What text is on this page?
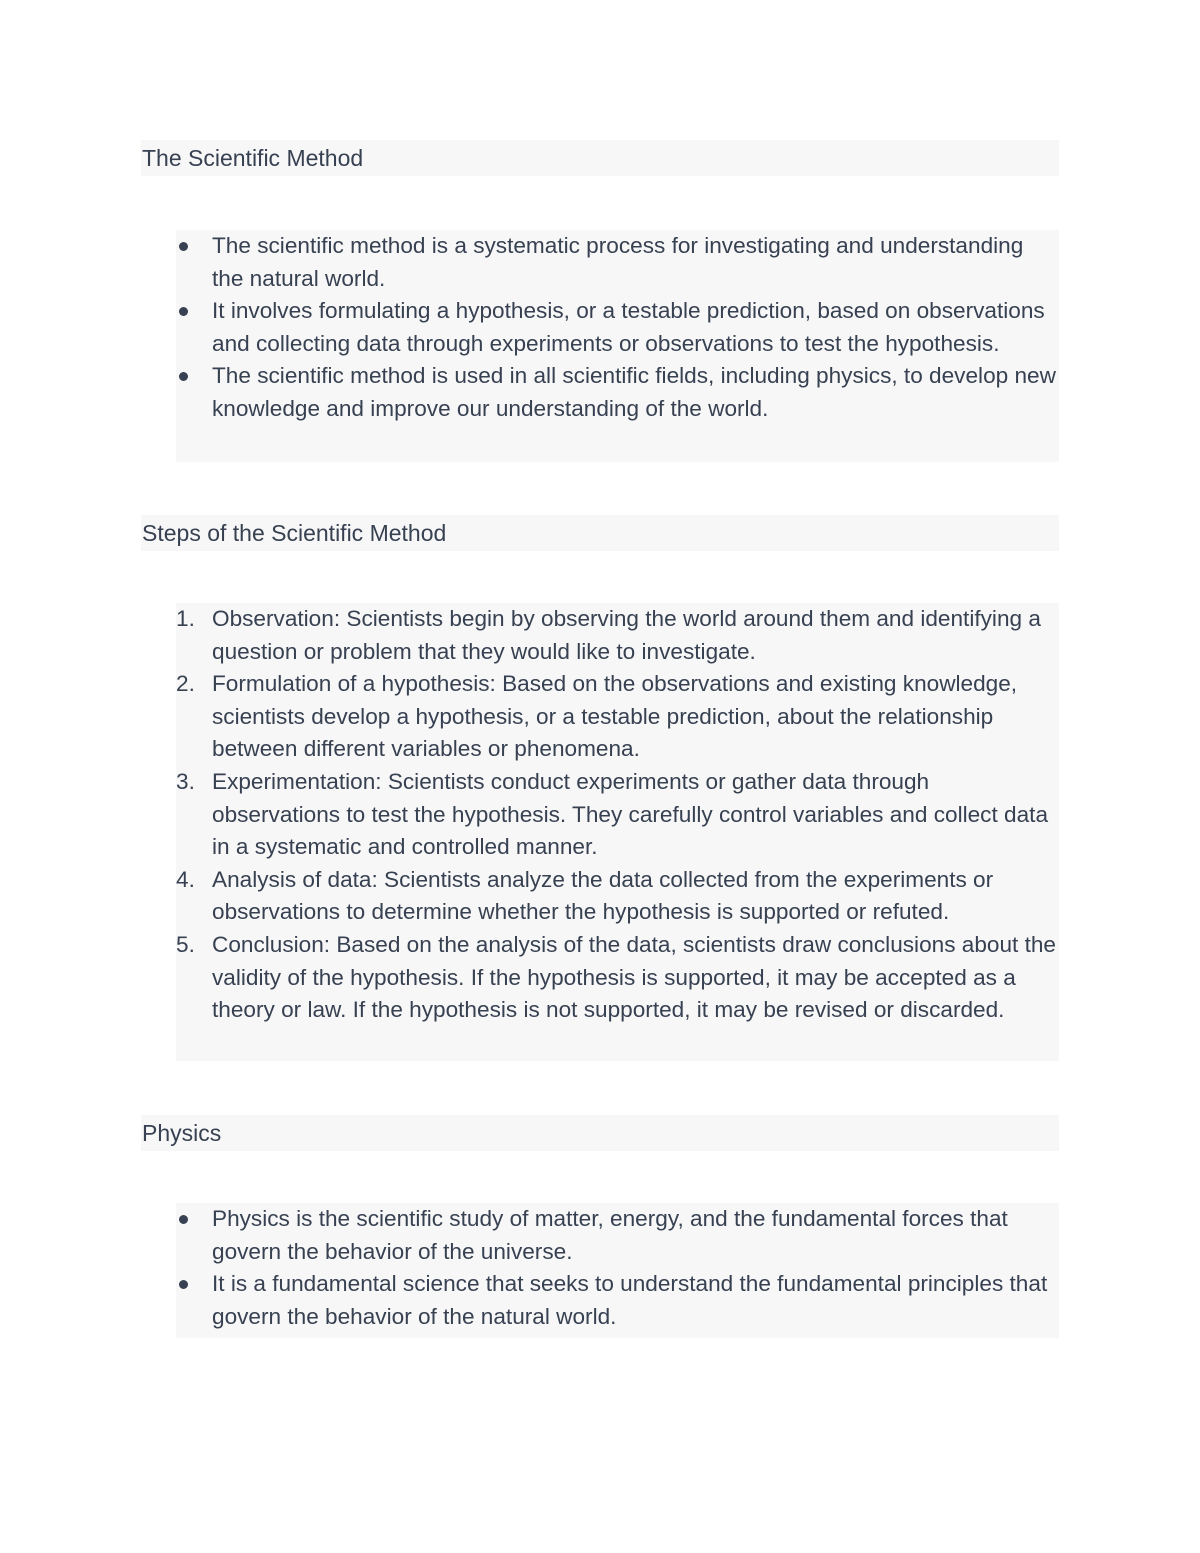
The Scientific Method
The scientific method is a systematic process for investigating and understanding the natural world.
It involves formulating a hypothesis, or a testable prediction, based on observations and collecting data through experiments or observations to test the hypothesis.
The scientific method is used in all scientific fields, including physics, to develop new knowledge and improve our understanding of the world.
Steps of the Scientific Method
1. Observation: Scientists begin by observing the world around them and identifying a question or problem that they would like to investigate.
2. Formulation of a hypothesis: Based on the observations and existing knowledge, scientists develop a hypothesis, or a testable prediction, about the relationship between different variables or phenomena.
3. Experimentation: Scientists conduct experiments or gather data through observations to test the hypothesis. They carefully control variables and collect data in a systematic and controlled manner.
4. Analysis of data: Scientists analyze the data collected from the experiments or observations to determine whether the hypothesis is supported or refuted.
5. Conclusion: Based on the analysis of the data, scientists draw conclusions about the validity of the hypothesis. If the hypothesis is supported, it may be accepted as a theory or law. If the hypothesis is not supported, it may be revised or discarded.
Physics
Physics is the scientific study of matter, energy, and the fundamental forces that govern the behavior of the universe.
It is a fundamental science that seeks to understand the fundamental principles that govern the behavior of the natural world.
